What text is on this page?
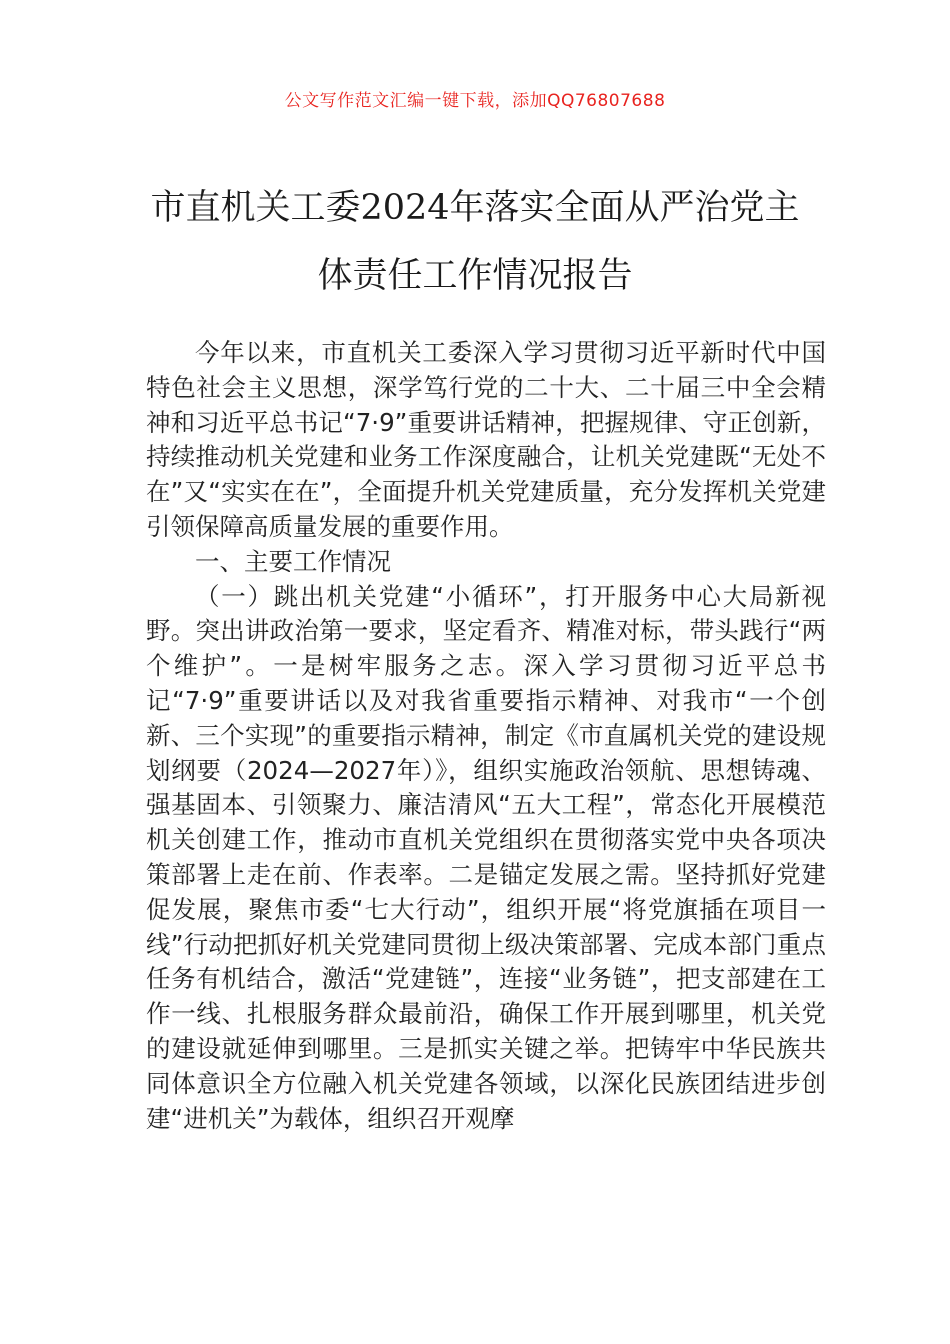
公文写作范文汇编一键下载，添加QQ76807688
市直机关工委2024年落实全面从严治党主
体责任工作情况报告

今年以来，市直机关工委深入学习贯彻习近平新时代中国特色社会主义思想，深学笃行党的二十大、二十届三中全会精神和习近平总书记“7·9”重要讲话精神，把握规律、守正创新，持续推动机关党建和业务工作深度融合，让机关党建既“无处不在”又“实实在在”，全面提升机关党建质量，充分发挥机关党建引领保障高质量发展的重要作用。

一、主要工作情况

（一）跳出机关党建“小循环”，打开服务中心大局新视野。突出讲政治第一要求，坚定看齐、精准对标，带头践行“两个维护”。一是树牢服务之志。深入学习贯彻习近平总书记“7·9”重要讲话以及对我省重要指示精神、对我市“一个创新、三个实现”的重要指示精神，制定《市直属机关党的建设规划纲要（2024—2027年）》，组织实施政治领航、思想铸魂、强基固本、引领聚力、廉洁清风“五大工程”，常态化开展模范机关创建工作，推动市直机关党组织在贯彻落实党中央各项决策部署上走在前、作表率。二是锚定发展之需。坚持抓好党建促发展，聚焦市委“七大行动”，组织开展“将党旗插在项目一线”行动把抓好机关党建同贯彻上级决策部署、完成本部门重点任务有机结合，激活“党建链”，连接“业务链”，把支部建在工作一线、扎根服务群众最前沿，确保工作开展到哪里，机关党的建设就延伸到哪里。三是抓实关键之举。把铸牢中华民族共同体意识全方位融入机关党建各领域，以深化民族团结进步创建“进机关”为载体，组织召开观摩
